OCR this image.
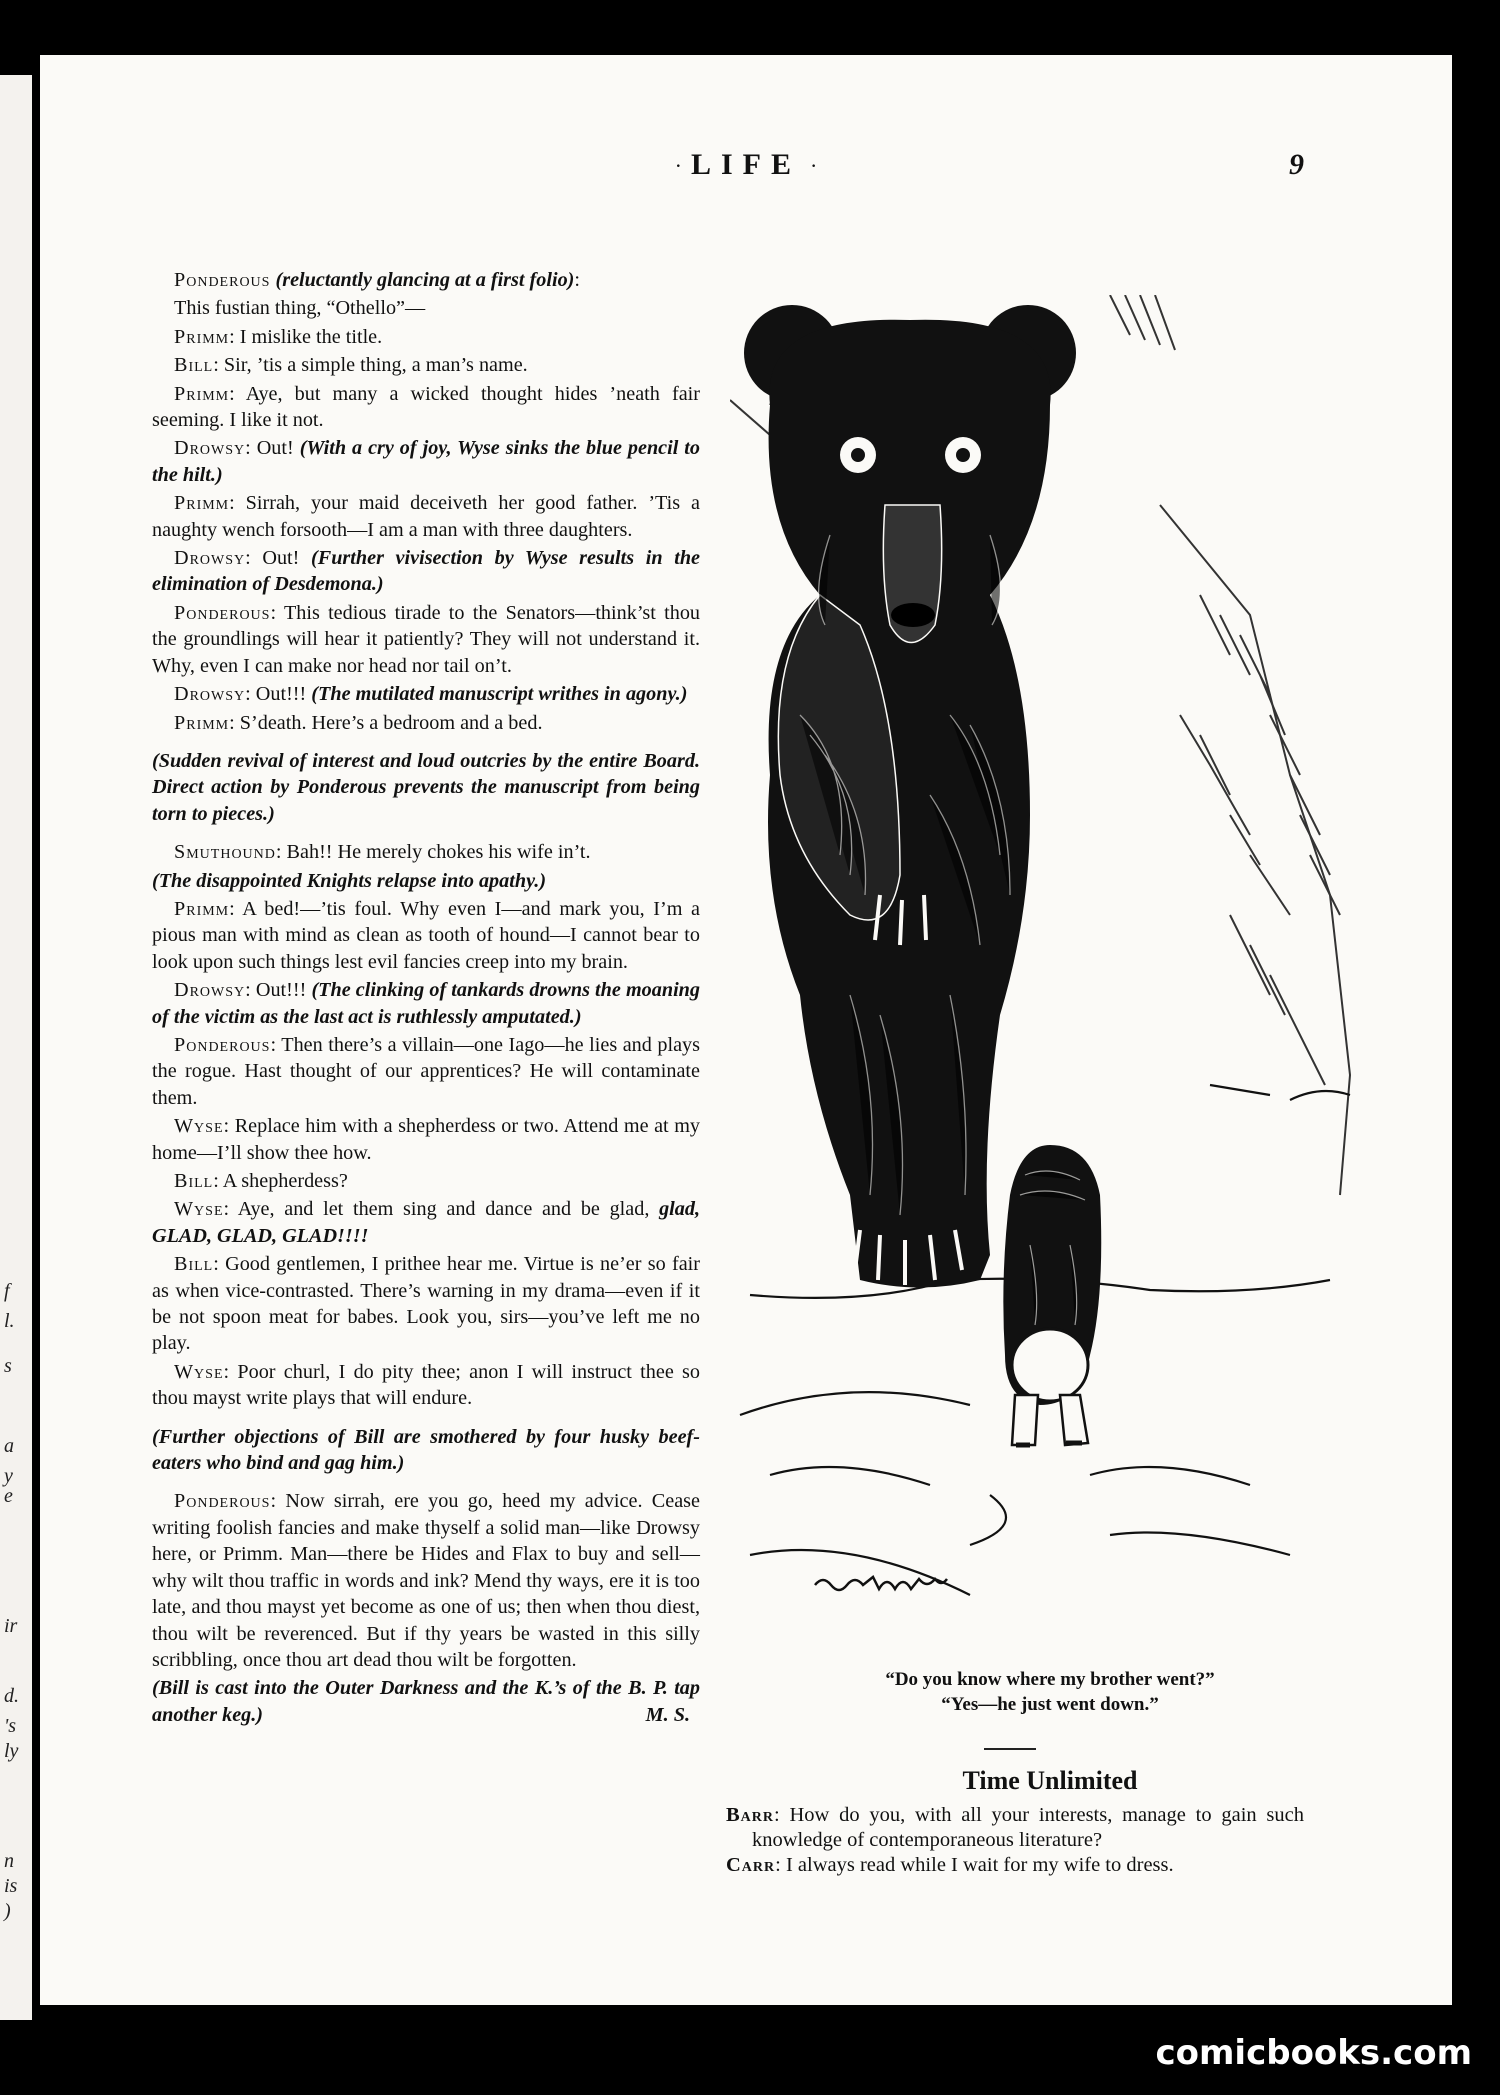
f
l.
s
a
y
e
ir
d.
's
ly
n
is
)
· LIFE ·	9

Ponderous (reluctantly glancing at a first folio):

This fustian thing, “Othello”—

Primm: I mislike the title.

Bill: Sir, ’tis a simple thing, a man’s name.

Primm: Aye, but many a wicked thought hides ’neath fair seeming. I like it not.

Drowsy: Out! (With a cry of joy, Wyse sinks the blue pencil to the hilt.)

Primm: Sirrah, your maid deceiveth her good father. ’Tis a naughty wench forsooth—I am a man with three daughters.

Drowsy: Out! (Further vivisection by Wyse results in the elimination of Desdemona.)

Ponderous: This tedious tirade to the Senators—think’st thou the groundlings will hear it patiently? They will not understand it. Why, even I can make nor head nor tail on’t.

Drowsy: Out!!! (The mutilated manuscript writhes in agony.)

Primm: S’death. Here’s a bedroom and a bed.

(Sudden revival of interest and loud outcries by the entire Board. Direct action by Ponderous prevents the manuscript from being torn to pieces.)

Smuthound: Bah!! He merely chokes his wife in’t.

(The disappointed Knights relapse into apathy.)

Primm: A bed!—’tis foul. Why even I—and mark you, I’m a pious man with mind as clean as tooth of hound—I cannot bear to look upon such things lest evil fancies creep into my brain.

Drowsy: Out!!! (The clinking of tankards drowns the moaning of the victim as the last act is ruthlessly amputated.)

Ponderous: Then there’s a villain—one Iago—he lies and plays the rogue. Hast thought of our apprentices? He will contaminate them.

Wyse: Replace him with a shepherdess or two. Attend me at my home—I’ll show thee how.

Bill: A shepherdess?

Wyse: Aye, and let them sing and dance and be glad, glad, GLAD, GLAD, GLAD!!!!

Bill: Good gentlemen, I prithee hear me. Virtue is ne’er so fair as when vice-contrasted. There’s warning in my drama—even if it be not spoon meat for babes. Look you, sirs—you’ve left me no play.

Wyse: Poor churl, I do pity thee; anon I will instruct thee so thou mayst write plays that will endure.

(Further objections of Bill are smothered by four husky beef-eaters who bind and gag him.)

Ponderous: Now sirrah, ere you go, heed my advice. Cease writing foolish fancies and make thyself a solid man—like Drowsy here, or Primm. Man—there be Hides and Flax to buy and sell—why wilt thou traffic in words and ink? Mend thy ways, ere it is too late, and thou mayst yet become as one of us; then when thou diest, thou wilt be reverenced. But if thy years be wasted in this silly scribbling, once thou art dead thou wilt be forgotten.

(Bill is cast into the Outer Darkness and the K.’s of the B. P. tap another keg.)	M. S.

“Do you know where my brother went?”
“Yes—he just went down.”
Time Unlimited

Barr: How do you, with all your interests, manage to gain such knowledge of contemporaneous literature?

Carr: I always read while I wait for my wife to dress.

comicbooks.com
